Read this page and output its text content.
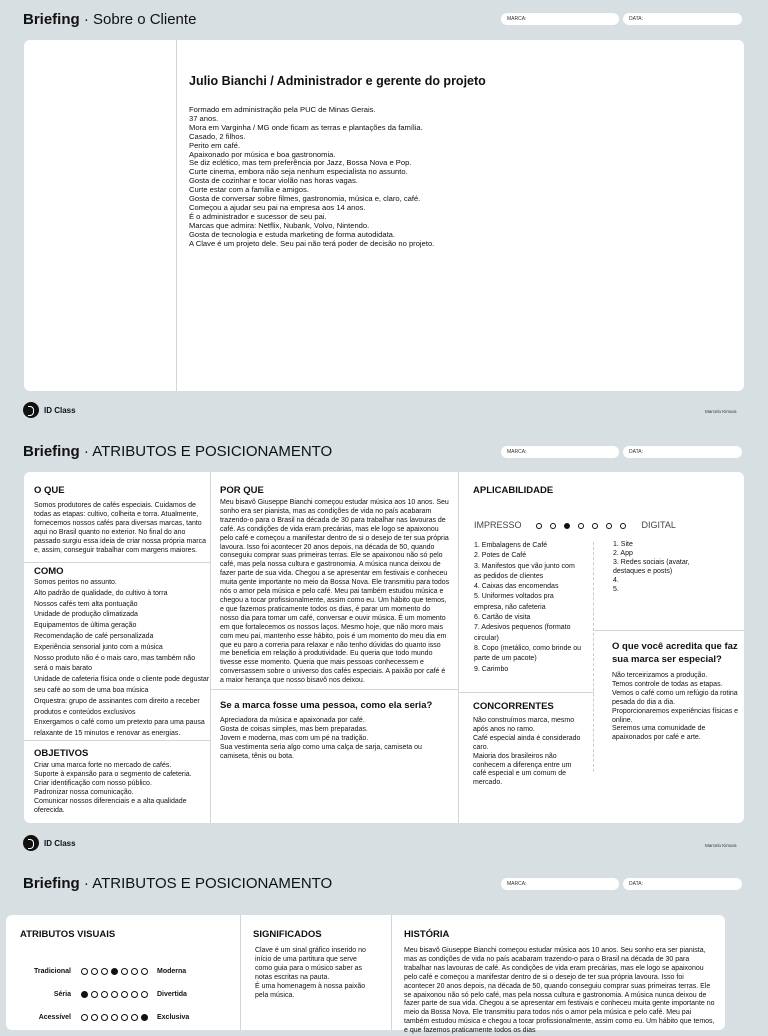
Briefing · Sobre o Cliente	MARCA:	DATA:
Julio Bianchi / Administrador e gerente do projeto
Formado em administração pela PUC de Minas Gerais.
37 anos.
Mora em Varginha / MG onde ficam as terras e plantações da família.
Casado, 2 filhos.
Perito em café.
Apaixonado por música e boa gastronomia.
Se diz eclético, mas tem preferência por Jazz, Bossa Nova e Pop.
Curte cinema, embora não seja nenhum especialista no assunto.
Gosta de cozinhar e tocar violão nas horas vagas.
Curte estar com a família e amigos.
Gosta de conversar sobre filmes, gastronomia, música e, claro, café.
Começou a ajudar seu pai na empresa aos 14 anos.
É o administrador e sucessor de seu pai.
Marcas que admira: Netflix, Nubank, Volvo, Nintendo.
Gosta de tecnologia e estuda marketing de forma autodidata.
A Clave é um projeto dele. Seu pai não terá poder de decisão no projeto.
ID Class	Marcelo Kimura
Briefing · ATRIBUTOS E POSICIONAMENTO	MARCA:	DATA:
O QUE
Somos produtores de cafés especiais. Cuidamos de todas as etapas: cultivo, colheita e torra. Atualmente, fornecemos nossos cafés para diversas marcas, tanto aqui no Brasil quanto no exterior. No final do ano passado surgiu essa ideia de criar nossa própria marca e, assim, conseguir trabalhar com margens maiores.
COMO
Somos peritos no assunto.
Alto padrão de qualidade, do cultivo à torra
Nossos cafés tem alta pontuação
Unidade de produção climatizada
Equipamentos de última geração
Recomendação de café personalizada
Experiência sensorial junto com a música
Nosso produto não é o mais caro, mas também não será o mais barato
Unidade de cafeteria física onde o cliente pode degustar seu café ao som de uma boa música
Orquestra: grupo de assinantes com direito a receber produtos e conteúdos exclusivos
Enxergamos o café como um pretexto para uma pausa relaxante de 15 minutos e renovar as energias.
OBJETIVOS
Criar uma marca forte no mercado de cafés.
Suporte à expansão para o segmento de cafeteria.
Criar identificação com nosso público.
Padronizar nossa comunicação.
Comunicar nossos diferenciais e a alta qualidade oferecida.
POR QUE
Meu bisavô Giuseppe Bianchi começou estudar música aos 10 anos. Seu sonho era ser pianista, mas as condições de vida no país acabaram trazendo-o para o Brasil na década de 30 para trabalhar nas lavouras de café. As condições de vida eram precárias, mas ele logo se apaixonou pelo café e começou a manifestar dentro de si o desejo de ter sua própria lavoura. Isso foi acontecer 20 anos depois, na década de 50, quando conseguiu comprar suas primeiras terras. Ele se apaixonou não só pelo café, mas pela nossa cultura e gastronomia. A música nunca deixou de fazer parte de sua vida. Chegou a se apresentar em festivais e conheceu muita gente importante no meio da Bossa Nova. Ele transmitiu para todos nós o amor pela música e pelo café. Meu pai também estudou música e chegou a tocar profissionalmente, assim como eu. Um hábito que temos, e que fazemos praticamente todos os dias, é parar um momento do nosso dia para tomar um café, conversar e ouvir música. É um momento em que fortalecemos os nossos laços. Mesmo hoje, que não moro mais com meu pai, mantenho esse hábito, pois é um momento do meu dia em que eu paro a correria para relaxar e não tenho dúvidas do quanto isso me beneficia em relação à produtividade. Eu queria que todo mundo tivesse esse momento. Queria que mais pessoas conhecessem e conversassem sobre o universo dos cafés especiais. A paixão por café é a maior herança que nosso bisavô nos deixou.
Se a marca fosse uma pessoa, como ela seria?
Apreciadora da música e apaixonada por café.
Gosta de coisas simples, mas bem preparadas.
Jovem e moderna, mas com um pé na tradição.
Sua vestimenta seria algo como uma calça de sarja, camiseta ou camiseta, tênis ou bota.
APLICABILIDADE
IMPRESSO	DIGITAL
1. Embalagens de Café
2. Potes de Café
3. Manifestos que vão junto com as pedidos de clientes
4. Caixas das encomendas
5. Uniformes voltados pra empresa, não cafeteria
6. Cartão de visita
7. Adesivos pequenos (formato circular)
8. Copo (metálico, como brinde ou parte de um pacote)
9. Carimbo
1. Site
2. App
3. Redes sociais (avatar, destaques e posts)
4.
5.
O que você acredita que faz sua marca ser especial?
Não terceirizamos a produção.
Temos controle de todas as etapas.
Vemos o café como um refúgio da rotina pesada do dia a dia.
Proporcionaremos experiências físicas e online.
Seremos uma comunidade de apaixonados por café e arte.
CONCORRENTES
Não construímos marca, mesmo após anos no ramo.
Café especial ainda é considerado caro.
Maioria dos brasileiros não conhecem a diferença entre um café especial e um comum de mercado.
ID Class	Marcelo Kimura
Briefing · ATRIBUTOS E POSICIONAMENTO	MARCA:	DATA:
ATRIBUTOS VISUAIS
Tradicional	Moderna
Séria	Divertida
Acessível	Exclusiva
SIGNIFICADOS
Clave é um sinal gráfico inserido no início de uma partitura que serve como guia para o músico saber as notas escritas na pauta.
É uma homenagem à nossa paixão pela música.
HISTÓRIA
Meu bisavô Giuseppe Bianchi começou estudar música aos 10 anos. Seu sonho era ser pianista, mas as condições de vida no país acabaram trazendo-o para o Brasil na década de 30 para trabalhar nas lavouras de café. As condições de vida eram precárias, mas ele logo se apaixonou pelo café e começou a manifestar dentro de si o desejo de ter sua própria lavoura. Isso foi acontecer 20 anos depois, na década de 50, quando conseguiu comprar suas primeiras terras. Ele se apaixonou não só pelo café, mas pela nossa cultura e gastronomia. A música nunca deixou de fazer parte de sua vida. Chegou a se apresentar em festivais e conheceu muita gente importante no meio da Bossa Nova. Ele transmitiu para todos nós o amor pela música e pelo café. Meu pai também estudou música e chegou a tocar profissionalmente, assim como eu. Um hábito que temos, e que fazemos praticamente todos os dias
